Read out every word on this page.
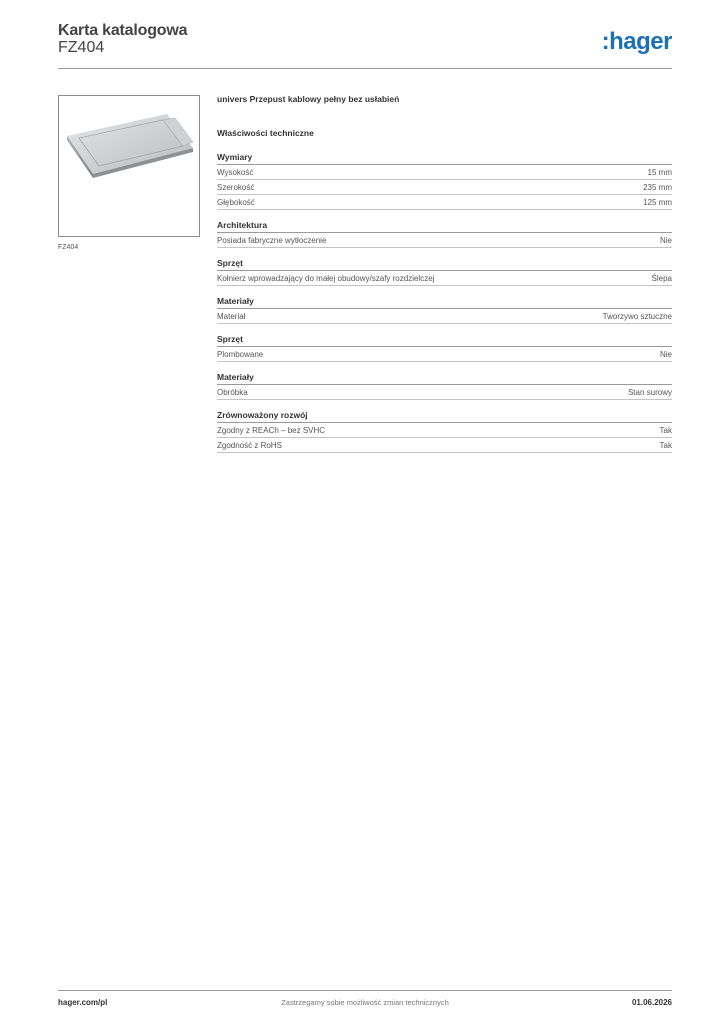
Karta katalogowa
FZ404	:hager
FZ404
univers Przepust kablowy pełny bez usłabień
Właściwości techniczne
Wymiary
Wysokość	15 mm
Szerokość	235 mm
Głębokość	125 mm
Architektura
Posiada fabryczne wytłoczenie	Nie
Sprzęt
Kołnierz wprowadzający do małej obudowy/szafy rozdzielczej	Ślepa
Materiały
Materiał	Tworzywo sztuczne
Sprzęt
Plombowane	Nie
Materiały
Obróbka	Stan surowy
Zrównoważony rozwój
Zgodny z REACh – bez SVHC	Tak
Zgodność z RoHS	Tak
hager.com/pl	Zastrzegamy sobie możliwość zmian technicznych	01.06.2026
